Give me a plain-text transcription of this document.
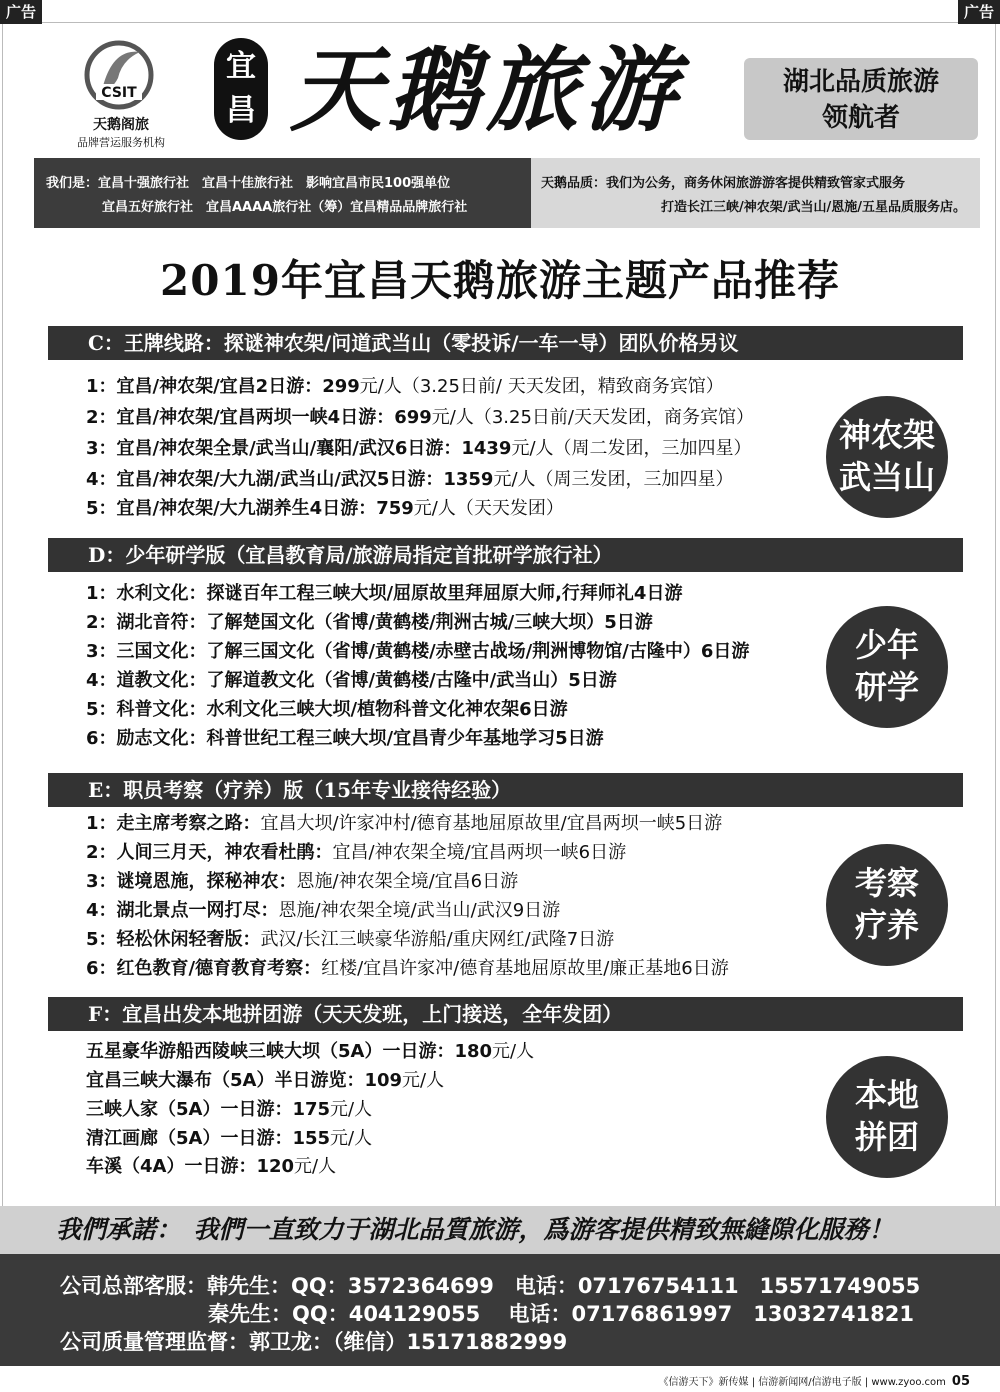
广告	广告
CSIT
天鹅阁旅
品牌营运服务机构
宜昌 天鹅旅游	湖北品质旅游
领航者
我们是：宜昌十强旅行社　宜昌十佳旅行社　影响宜昌市民100强单位
宜昌五好旅行社　宜昌AAAA旅行社（筹）宜昌精品品牌旅行社
天鹅品质：我们为公务，商务休闲旅游游客提供精致管家式服务
打造长江三峡/神农架/武当山/恩施/五星品质服务店。
2019年宜昌天鹅旅游主题产品推荐
C：王牌线路：探谜神农架/问道武当山（零投诉/一车一导）团队价格另议
1：宜昌/神农架/宜昌2日游：299元/人（3.25日前/ 天天发团，精致商务宾馆）
2：宜昌/神农架/宜昌两坝一峡4日游：699元/人（3.25日前/天天发团，商务宾馆）
3：宜昌/神农架全景/武当山/襄阳/武汉6日游：1439元/人（周二发团，三加四星）
4：宜昌/神农架/大九湖/武当山/武汉5日游：1359元/人（周三发团，三加四星）
5：宜昌/神农架/大九湖养生4日游：759元/人（天天发团）
神农架
武当山
D：少年研学版（宜昌教育局/旅游局指定首批研学旅行社）
1：水利文化：探谜百年工程三峡大坝/屈原故里拜屈原大师,行拜师礼4日游
2：湖北音符：了解楚国文化（省博/黄鹤楼/荆洲古城/三峡大坝）5日游
3：三国文化：了解三国文化（省博/黄鹤楼/赤壁古战场/荆洲博物馆/古隆中）6日游
4：道教文化：了解道教文化（省博/黄鹤楼/古隆中/武当山）5日游
5：科普文化：水利文化三峡大坝/植物科普文化神农架6日游
6：励志文化：科普世纪工程三峡大坝/宜昌青少年基地学习5日游
少年
研学
E：职员考察（疗养）版（15年专业接待经验）
1：走主席考察之路：宜昌大坝/许家冲村/德育基地屈原故里/宜昌两坝一峡5日游
2：人间三月天，神农看杜鹃：宜昌/神农架全境/宜昌两坝一峡6日游
3：谜境恩施，探秘神农：恩施/神农架全境/宜昌6日游
4：湖北景点一网打尽：恩施/神农架全境/武当山/武汉9日游
5：轻松休闲轻奢版：武汉/长江三峡豪华游船/重庆网红/武隆7日游
6：红色教育/德育教育考察：红楼/宜昌许家冲/德育基地屈原故里/廉正基地6日游
考察
疗养
F：宜昌出发本地拼团游（天天发班，上门接送，全年发团）
五星豪华游船西陵峡三峡大坝（5A）一日游：180元/人
宜昌三峡大瀑布（5A）半日游览：109元/人
三峡人家（5A）一日游：175元/人
清江画廊（5A）一日游：155元/人
车溪（4A）一日游：120元/人
本地
拼团
我們承諾：　我們一直致力于湖北品質旅游，爲游客提供精致無縫隙化服務！
公司总部客服：韩先生：QQ：3572364699　电话：07176754111　15571749055
秦先生：QQ：404129055　 电话：07176861997　13032741821
公司质量管理监督：郭卫龙：（维信）15171882999
《信游天下》新传媒 | 信游新闻网/信游电子版 | www.zyoo.com 05
